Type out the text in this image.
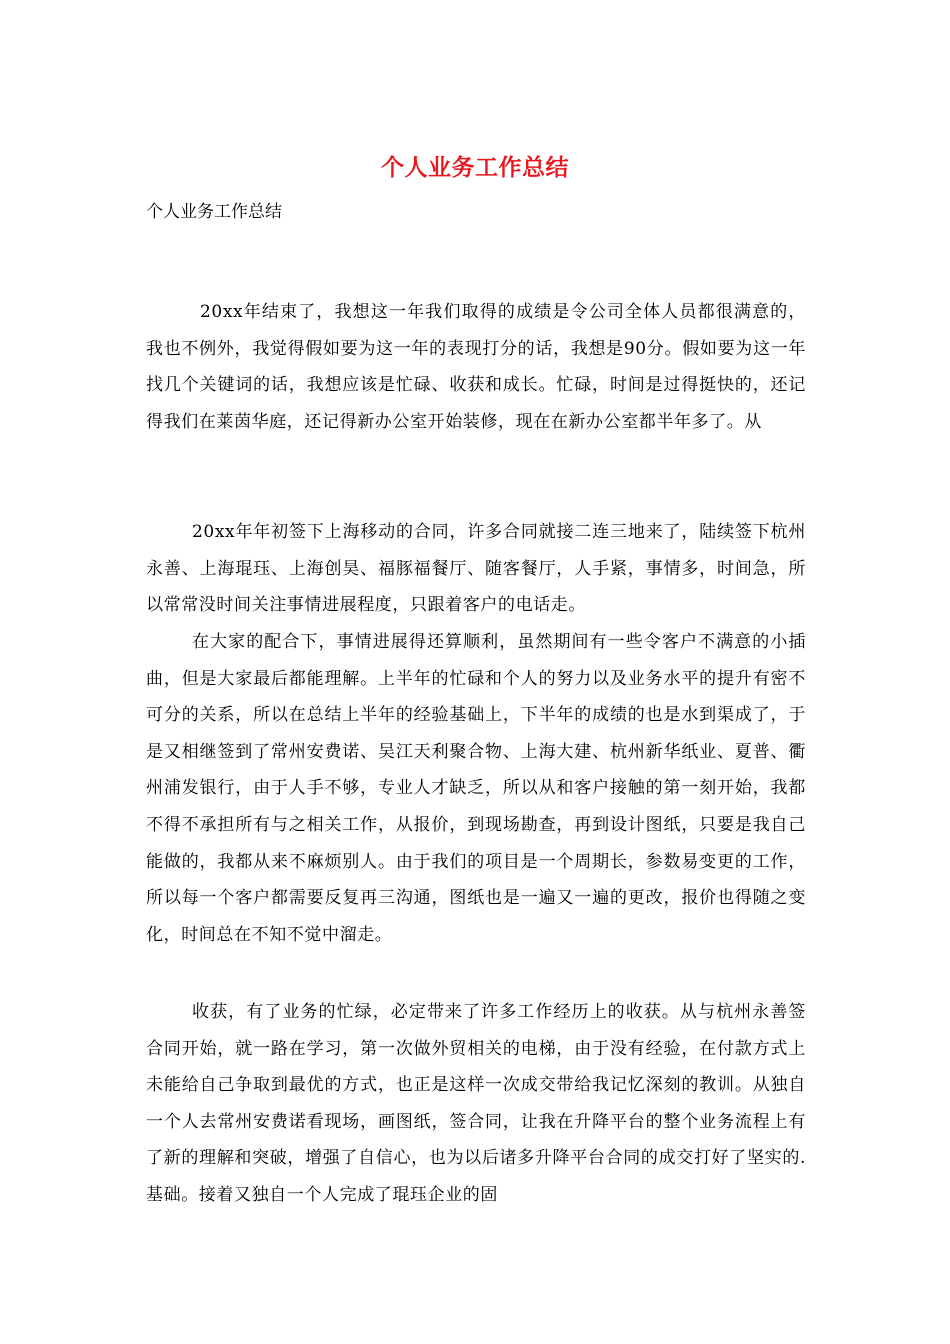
个人业务工作总结
个人业务工作总结

20xx年结束了，我想这一年我们取得的成绩是令公司全体人员都很满意的，我也不例外，我觉得假如要为这一年的表现打分的话，我想是90分。假如要为这一年找几个关键词的话，我想应该是忙碌、收获和成长。忙碌，时间是过得挺快的，还记得我们在莱茵华庭，还记得新办公室开始装修，现在在新办公室都半年多了。从

20xx年年初签下上海移动的合同，许多合同就接二连三地来了，陆续签下杭州永善、上海琨珏、上海创昊、福豚福餐厅、随客餐厅，人手紧，事情多，时间急，所以常常没时间关注事情进展程度，只跟着客户的电话走。

在大家的配合下，事情进展得还算顺利，虽然期间有一些令客户不满意的小插曲，但是大家最后都能理解。上半年的忙碌和个人的努力以及业务水平的提升有密不可分的关系，所以在总结上半年的经验基础上，下半年的成绩的也是水到渠成了，于是又相继签到了常州安费诺、吴江天利聚合物、上海大建、杭州新华纸业、夏普、衢州浦发银行，由于人手不够，专业人才缺乏，所以从和客户接触的第一刻开始，我都不得不承担所有与之相关工作，从报价，到现场勘查，再到设计图纸，只要是我自己能做的，我都从来不麻烦别人。由于我们的项目是一个周期长，参数易变更的工作，所以每一个客户都需要反复再三沟通，图纸也是一遍又一遍的更改，报价也得随之变化，时间总在不知不觉中溜走。

收获，有了业务的忙绿，必定带来了许多工作经历上的收获。从与杭州永善签合同开始，就一路在学习，第一次做外贸相关的电梯，由于没有经验，在付款方式上未能给自己争取到最优的方式，也正是这样一次成交带给我记忆深刻的教训。从独自一个人去常州安费诺看现场，画图纸，签合同，让我在升降平台的整个业务流程上有了新的理解和突破，增强了自信心，也为以后诸多升降平台合同的成交打好了坚实的.基础。接着又独自一个人完成了琨珏企业的固
